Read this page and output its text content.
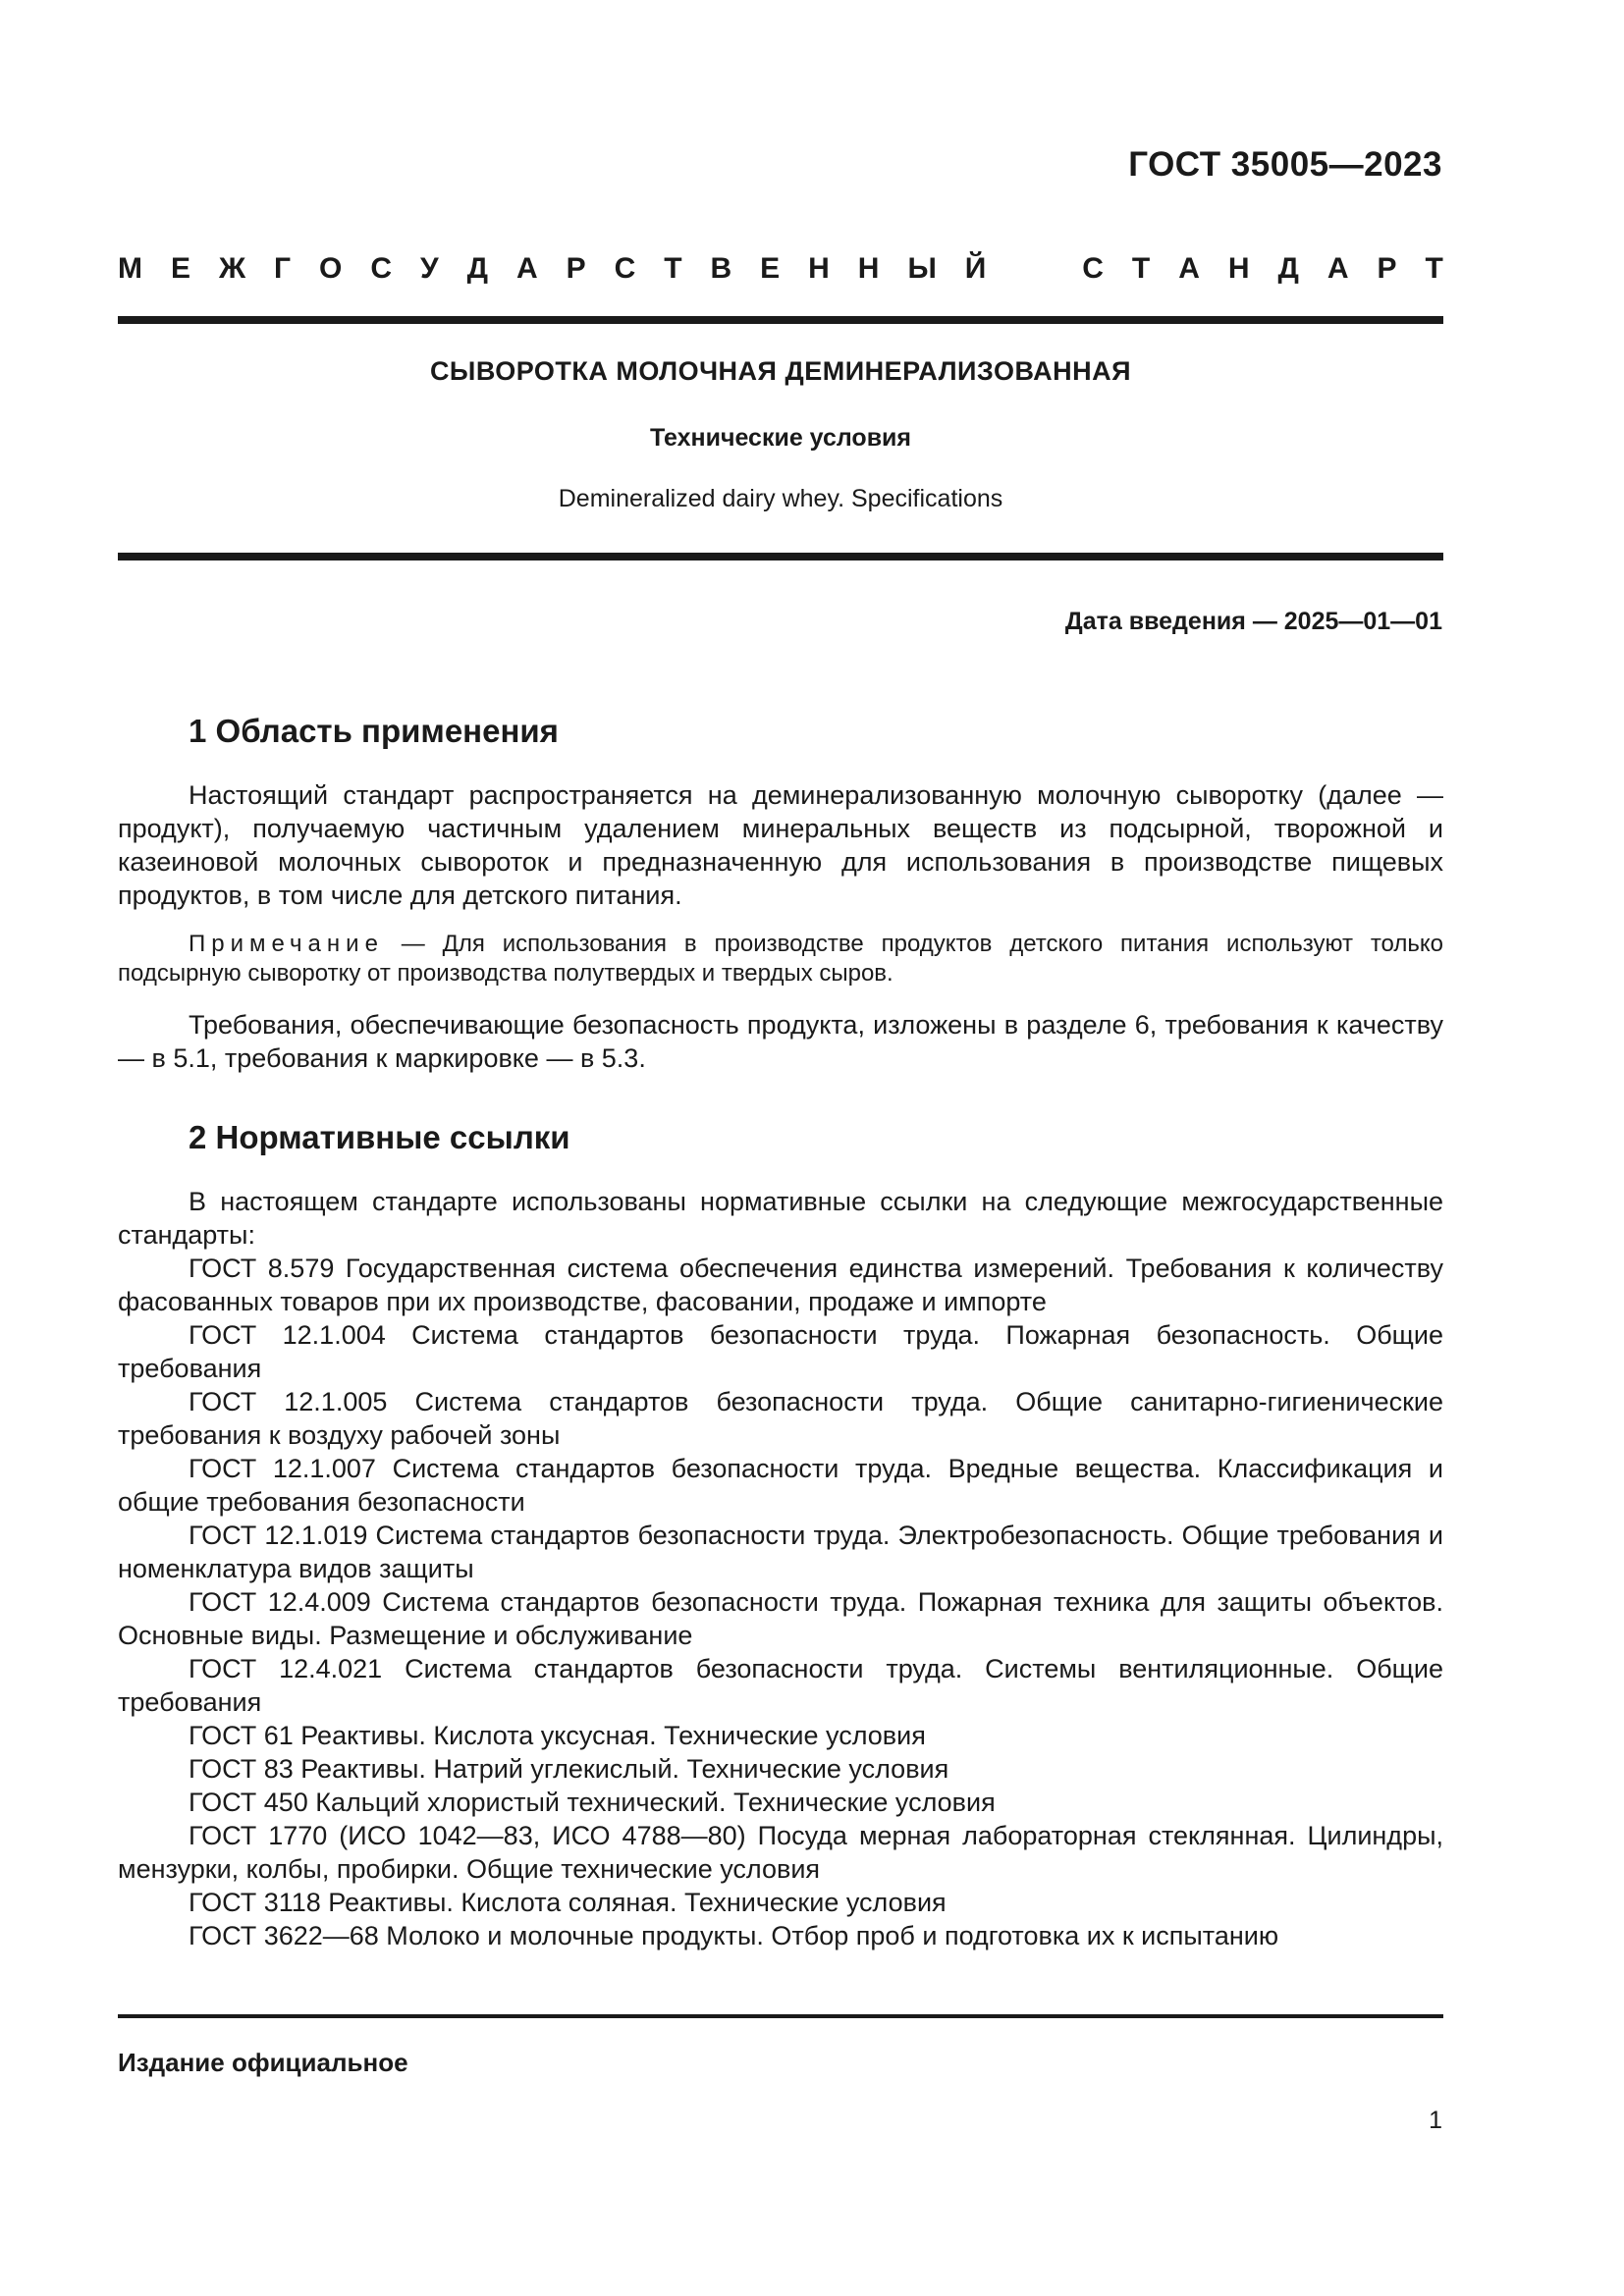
ГОСТ 35005—2023
М Е Ж Г О С У Д А Р С Т В Е Н Н Ы Й	С Т А Н Д А Р Т
СЫВОРОТКА МОЛОЧНАЯ ДЕМИНЕРАЛИЗОВАННАЯ
Технические условия
Demineralized dairy whey. Specifications
Дата введения — 2025—01—01
1 Область применения

Настоящий стандарт распространяется на деминерализованную молочную сыворотку (далее — продукт), получаемую частичным удалением минеральных веществ из подсырной, творожной и казеиновой молочных сывороток и предназначенную для использования в производстве пищевых продуктов, в том числе для детского питания.

Примечание — Для использования в производстве продуктов детского питания используют только подсырную сыворотку от производства полутвердых и твердых сыров.

Требования, обеспечивающие безопасность продукта, изложены в разделе 6, требования к качеству — в 5.1, требования к маркировке — в 5.3.

2 Нормативные ссылки

В настоящем стандарте использованы нормативные ссылки на следующие межгосударственные стандарты:

ГОСТ 8.579 Государственная система обеспечения единства измерений. Требования к количеству фасованных товаров при их производстве, фасовании, продаже и импорте

ГОСТ 12.1.004 Система стандартов безопасности труда. Пожарная безопасность. Общие требования

ГОСТ 12.1.005 Система стандартов безопасности труда. Общие санитарно-гигиенические требования к воздуху рабочей зоны

ГОСТ 12.1.007 Система стандартов безопасности труда. Вредные вещества. Классификация и общие требования безопасности

ГОСТ 12.1.019 Система стандартов безопасности труда. Электробезопасность. Общие требования и номенклатура видов защиты

ГОСТ 12.4.009 Система стандартов безопасности труда. Пожарная техника для защиты объектов. Основные виды. Размещение и обслуживание

ГОСТ 12.4.021 Система стандартов безопасности труда. Системы вентиляционные. Общие требования

ГОСТ 61 Реактивы. Кислота уксусная. Технические условия

ГОСТ 83 Реактивы. Натрий углекислый. Технические условия

ГОСТ 450 Кальций хлористый технический. Технические условия

ГОСТ 1770 (ИСО 1042—83, ИСО 4788—80) Посуда мерная лабораторная стеклянная. Цилиндры, мензурки, колбы, пробирки. Общие технические условия

ГОСТ 3118 Реактивы. Кислота соляная. Технические условия

ГОСТ 3622—68 Молоко и молочные продукты. Отбор проб и подготовка их к испытанию

Издание официальное
1
